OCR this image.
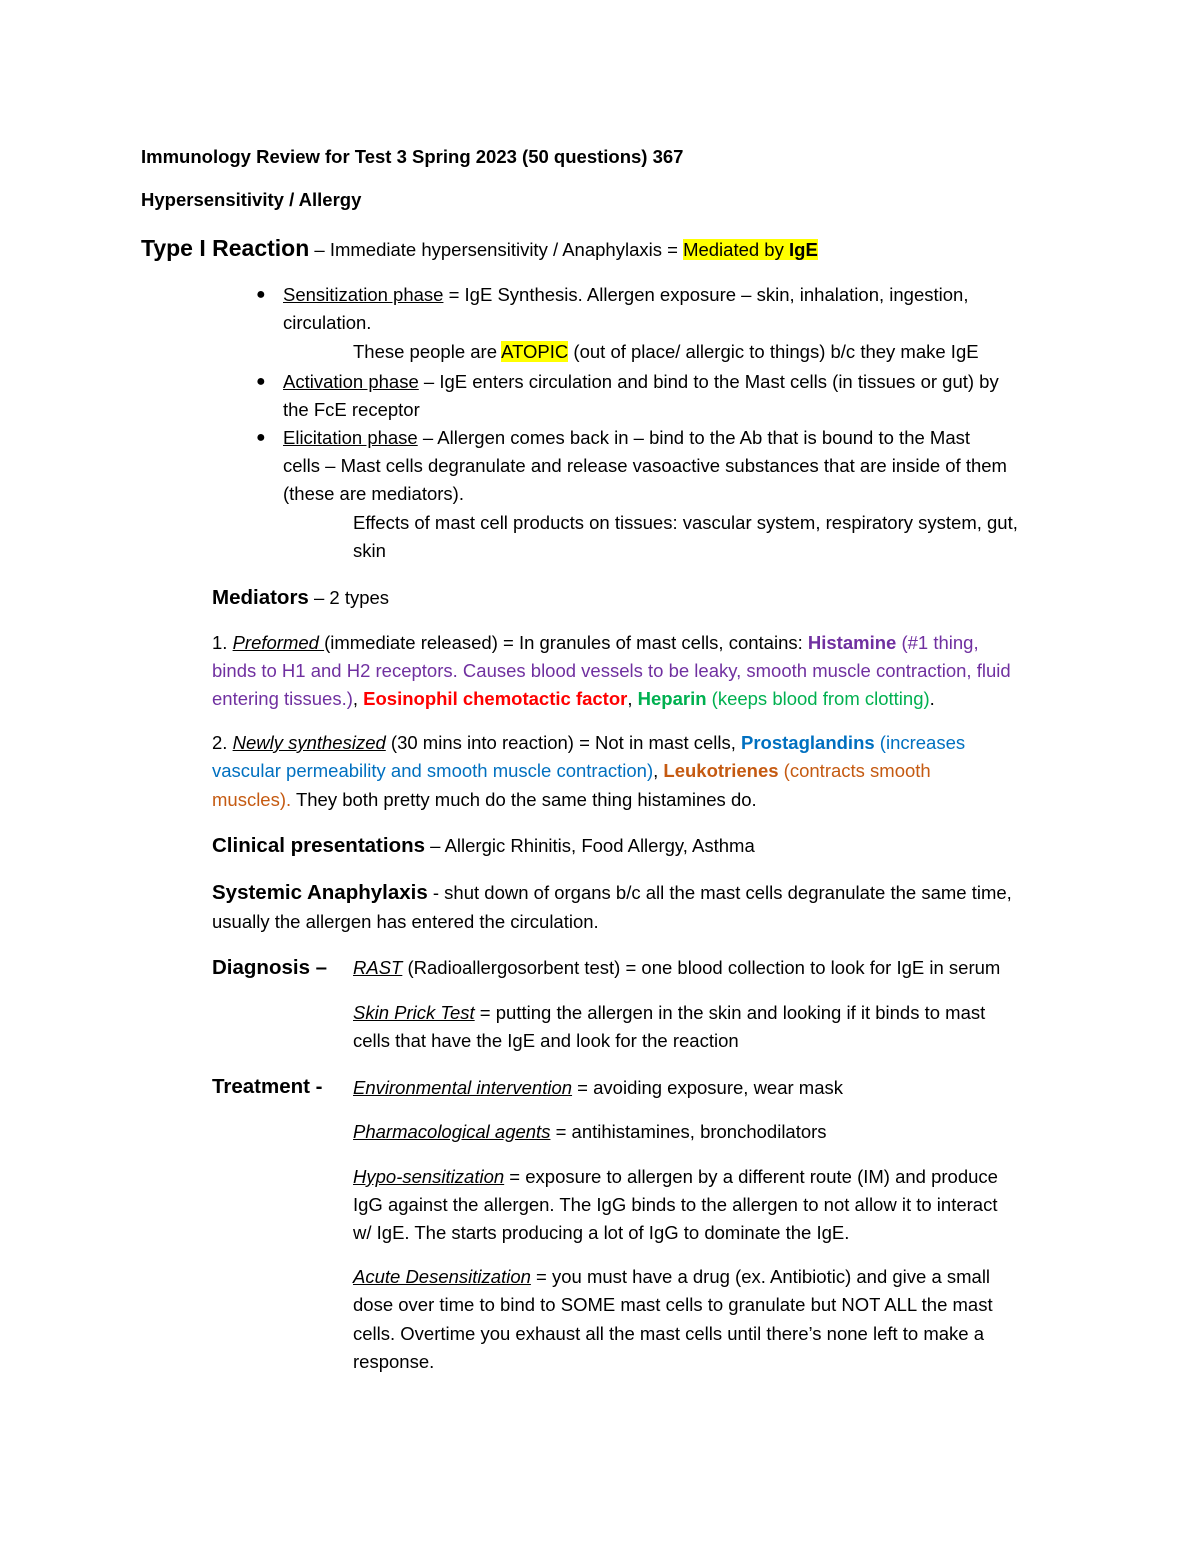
Immunology Review for Test 3 Spring 2023 (50 questions) 367
Hypersensitivity / Allergy
Type I Reaction – Immediate hypersensitivity / Anaphylaxis = Mediated by IgE
● Sensitization phase = IgE Synthesis. Allergen exposure – skin, inhalation, ingestion,
circulation.
These people are ATOPIC (out of place/ allergic to things) b/c they make IgE
● Activation phase – IgE enters circulation and bind to the Mast cells (in tissues or gut) by
the FcE receptor
● Elicitation phase – Allergen comes back in – bind to the Ab that is bound to the Mast
cells – Mast cells degranulate and release vasoactive substances that are inside of them
(these are mediators).
Effects of mast cell products on tissues: vascular system, respiratory system, gut,
skin
Mediators – 2 types
1. Preformed (immediate released) = In granules of mast cells, contains: Histamine (#1 thing,
binds to H1 and H2 receptors. Causes blood vessels to be leaky, smooth muscle contraction, fluid
entering tissues.), Eosinophil chemotactic factor, Heparin (keeps blood from clotting).
2. Newly synthesized (30 mins into reaction) = Not in mast cells, Prostaglandins (increases
vascular permeability and smooth muscle contraction), Leukotrienes (contracts smooth
muscles). They both pretty much do the same thing histamines do.
Clinical presentations – Allergic Rhinitis, Food Allergy, Asthma
Systemic Anaphylaxis - shut down of organs b/c all the mast cells degranulate the same time,
usually the allergen has entered the circulation.
Diagnosis – RAST (Radioallergosorbent test) = one blood collection to look for IgE in serum
Skin Prick Test = putting the allergen in the skin and looking if it binds to mast
cells that have the IgE and look for the reaction
Treatment - Environmental intervention = avoiding exposure, wear mask
Pharmacological agents = antihistamines, bronchodilators
Hypo-sensitization = exposure to allergen by a different route (IM) and produce
IgG against the allergen. The IgG binds to the allergen to not allow it to interact
w/ IgE. The starts producing a lot of IgG to dominate the IgE.
Acute Desensitization = you must have a drug (ex. Antibiotic) and give a small
dose over time to bind to SOME mast cells to granulate but NOT ALL the mast
cells. Overtime you exhaust all the mast cells until there’s none left to make a
response.
